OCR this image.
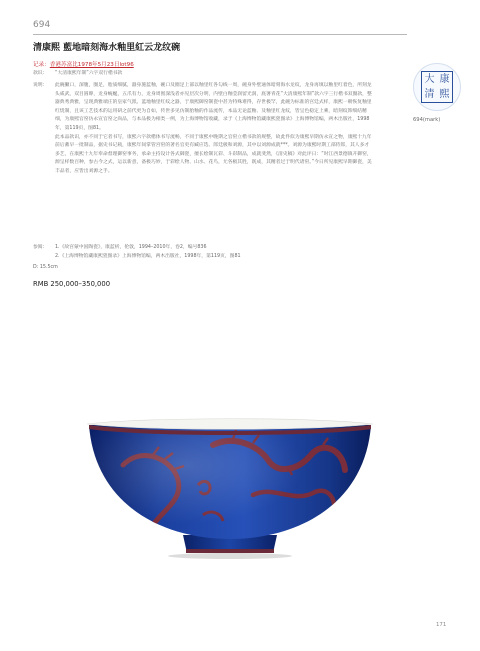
694
清康熙 藍地暗刻海水釉里紅云龙纹碗
记录：香港苏富比1978年5月23日lot96
款识：	“大清康熙年制”六字双行楷书款

说明：	此碗撇口，深腹，圈足，胎质细腻，器身施蓝釉，碗口及圈足上部以釉里红各勾线一周，碗身外壁通体暗刻海水龙纹，龙身再填以釉里红着色，所刻龙头威武，双目圆睁，龙身蜿蜒，五爪有力，龙身周围深浅者亦见层次分明，内壁白釉莹润留光润，底署青花“大清康熙年制”款六字三行楷书双圈款，整器典秀典雅，呈现典雅端庄的皇家气派。蓝地釉里红纹之器，于康熙御窑制瓷中甚为特殊难得，存世极罕，此碗为标准的宫廷式样，康熙一朝恢复釉里红烧制，且该工艺技术的运用研之前代更为自如，传世多见仿制胎釉的作品流传，本品无论蓝釉、及釉里红龙纹，皆呈色稳定上乘，暗刻纹饰细结精细，为康熙官窑仿永宣官窑之尚品，与本品极为相类一例，为上海博物馆收藏，录于《上海博物馆藏康熙瓷图录》上海博物馆编，两木出版社，1998年，第119页，图81。

此本品款识，亦不同于它者书写，康熙六字款楷体书写流畅，不同于康熙中晚期之官窑立楷书款的规整，故此件似为康熙早期仿永宣之物，康熙十九年前后蓄早一批制品，据史书记载，康熙年间掌管宫窑的著名官吏有臧应选、郎廷极和刘源，其中以刘源成就***。刘源为康熙时期工部侍郎，其人多才多艺，在康熙十九年奉命督理御窑事务，承命主持设计各式御瓷，擅长绘制瓦彩、斗彩制品，成就斐然，《清史稿》对此评日：“时江西景德镇开御窑，源呈样数百种，参古今之式，运以新意，备极巧妙，于彩绘人物、山水、花鸟，尤各极其胜，既成，其精者过于明代诸窑。”今日所见康熙早期御瓷，美丰品者，应皆出刘源之手。

参阅：	1.《故宫蒙中国陶瓷》，康蓝析，伦敦，1994–2010年，卷2，编号836
2.《上海博物馆藏康熙瓷图录》上海博物馆编，两木出版社，1998年，第119页，图81
D: 15.5cm
RMB 250,000–350,000
大 康
清 熙
694(mark)
171
